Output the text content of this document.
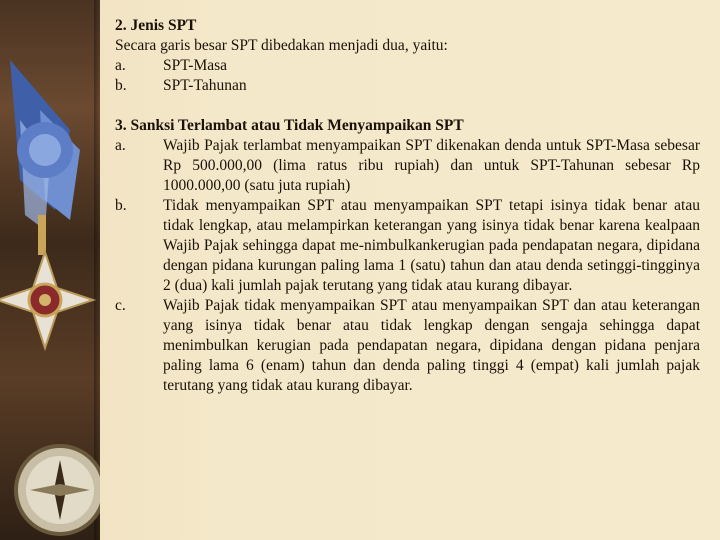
2. Jenis SPT

Secara garis besar SPT dibedakan menjadi dua, yaitu:

a. SPT-Masa

b. SPT-Tahunan

3. Sanksi Terlambat atau Tidak Menyampaikan SPT

a.	Wajib Pajak terlambat menyampaikan SPT dikenakan denda untuk SPT-Masa sebesar Rp 500.000,00 (lima ratus ribu rupiah) dan untuk SPT-Tahunan sebesar Rp 1000.000,00 (satu juta rupiah)
b.	Tidak menyampaikan SPT atau menyampaikan SPT tetapi isinya tidak benar atau tidak lengkap, atau melampirkan keterangan yang isinya tidak benar karena kealpaan Wajib Pajak sehingga dapat me-nimbulkankerugian pada pendapatan negara, dipidana dengan pidana kurungan paling lama 1 (satu) tahun dan atau denda setinggi-tingginya 2 (dua) kali jumlah pajak terutang yang tidak atau kurang dibayar.
c.	Wajib Pajak tidak menyampaikan SPT atau menyampaikan SPT dan atau keterangan yang isinya tidak benar atau tidak lengkap dengan sengaja sehingga dapat menimbulkan kerugian pada pendapatan negara, dipidana dengan pidana penjara paling lama 6 (enam) tahun dan denda paling tinggi 4 (empat) kali jumlah pajak terutang yang tidak atau kurang dibayar.
